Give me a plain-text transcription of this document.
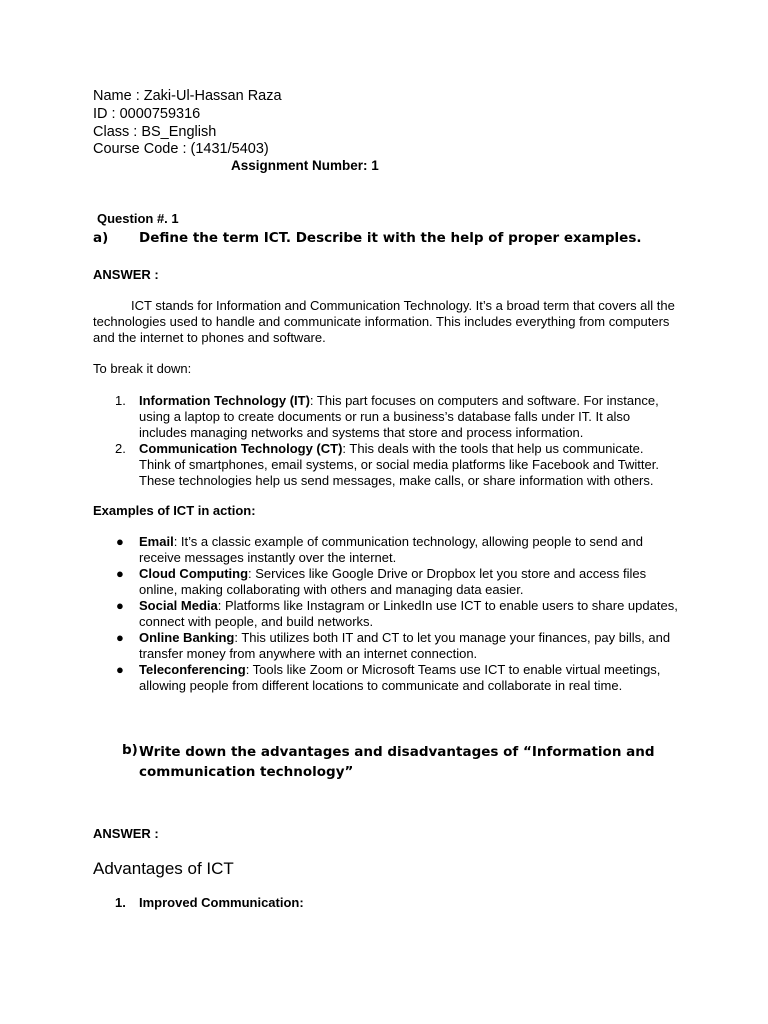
Name : Zaki-Ul-Hassan Raza
ID : 0000759316
Class : BS_English
Course Code : (1431/5403)
Assignment Number: 1
Question #. 1
a) Define the term ICT. Describe it with the help of proper examples.
ANSWER :
ICT stands for Information and Communication Technology. It’s a broad term that covers all the technologies used to handle and communicate information. This includes everything from computers and the internet to phones and software.
To break it down:
1. Information Technology (IT): This part focuses on computers and software. For instance, using a laptop to create documents or run a business’s database falls under IT. It also includes managing networks and systems that store and process information.
2. Communication Technology (CT): This deals with the tools that help us communicate. Think of smartphones, email systems, or social media platforms like Facebook and Twitter. These technologies help us send messages, make calls, or share information with others.
Examples of ICT in action:
● Email: It’s a classic example of communication technology, allowing people to send and receive messages instantly over the internet.
● Cloud Computing: Services like Google Drive or Dropbox let you store and access files online, making collaborating with others and managing data easier.
● Social Media: Platforms like Instagram or LinkedIn use ICT to enable users to share updates, connect with people, and build networks.
● Online Banking: This utilizes both IT and CT to let you manage your finances, pay bills, and transfer money from anywhere with an internet connection.
● Teleconferencing: Tools like Zoom or Microsoft Teams use ICT to enable virtual meetings, allowing people from different locations to communicate and collaborate in real time.
b) Write down the advantages and disadvantages of “Information and communication technology”
ANSWER :
Advantages of ICT
1. Improved Communication:
